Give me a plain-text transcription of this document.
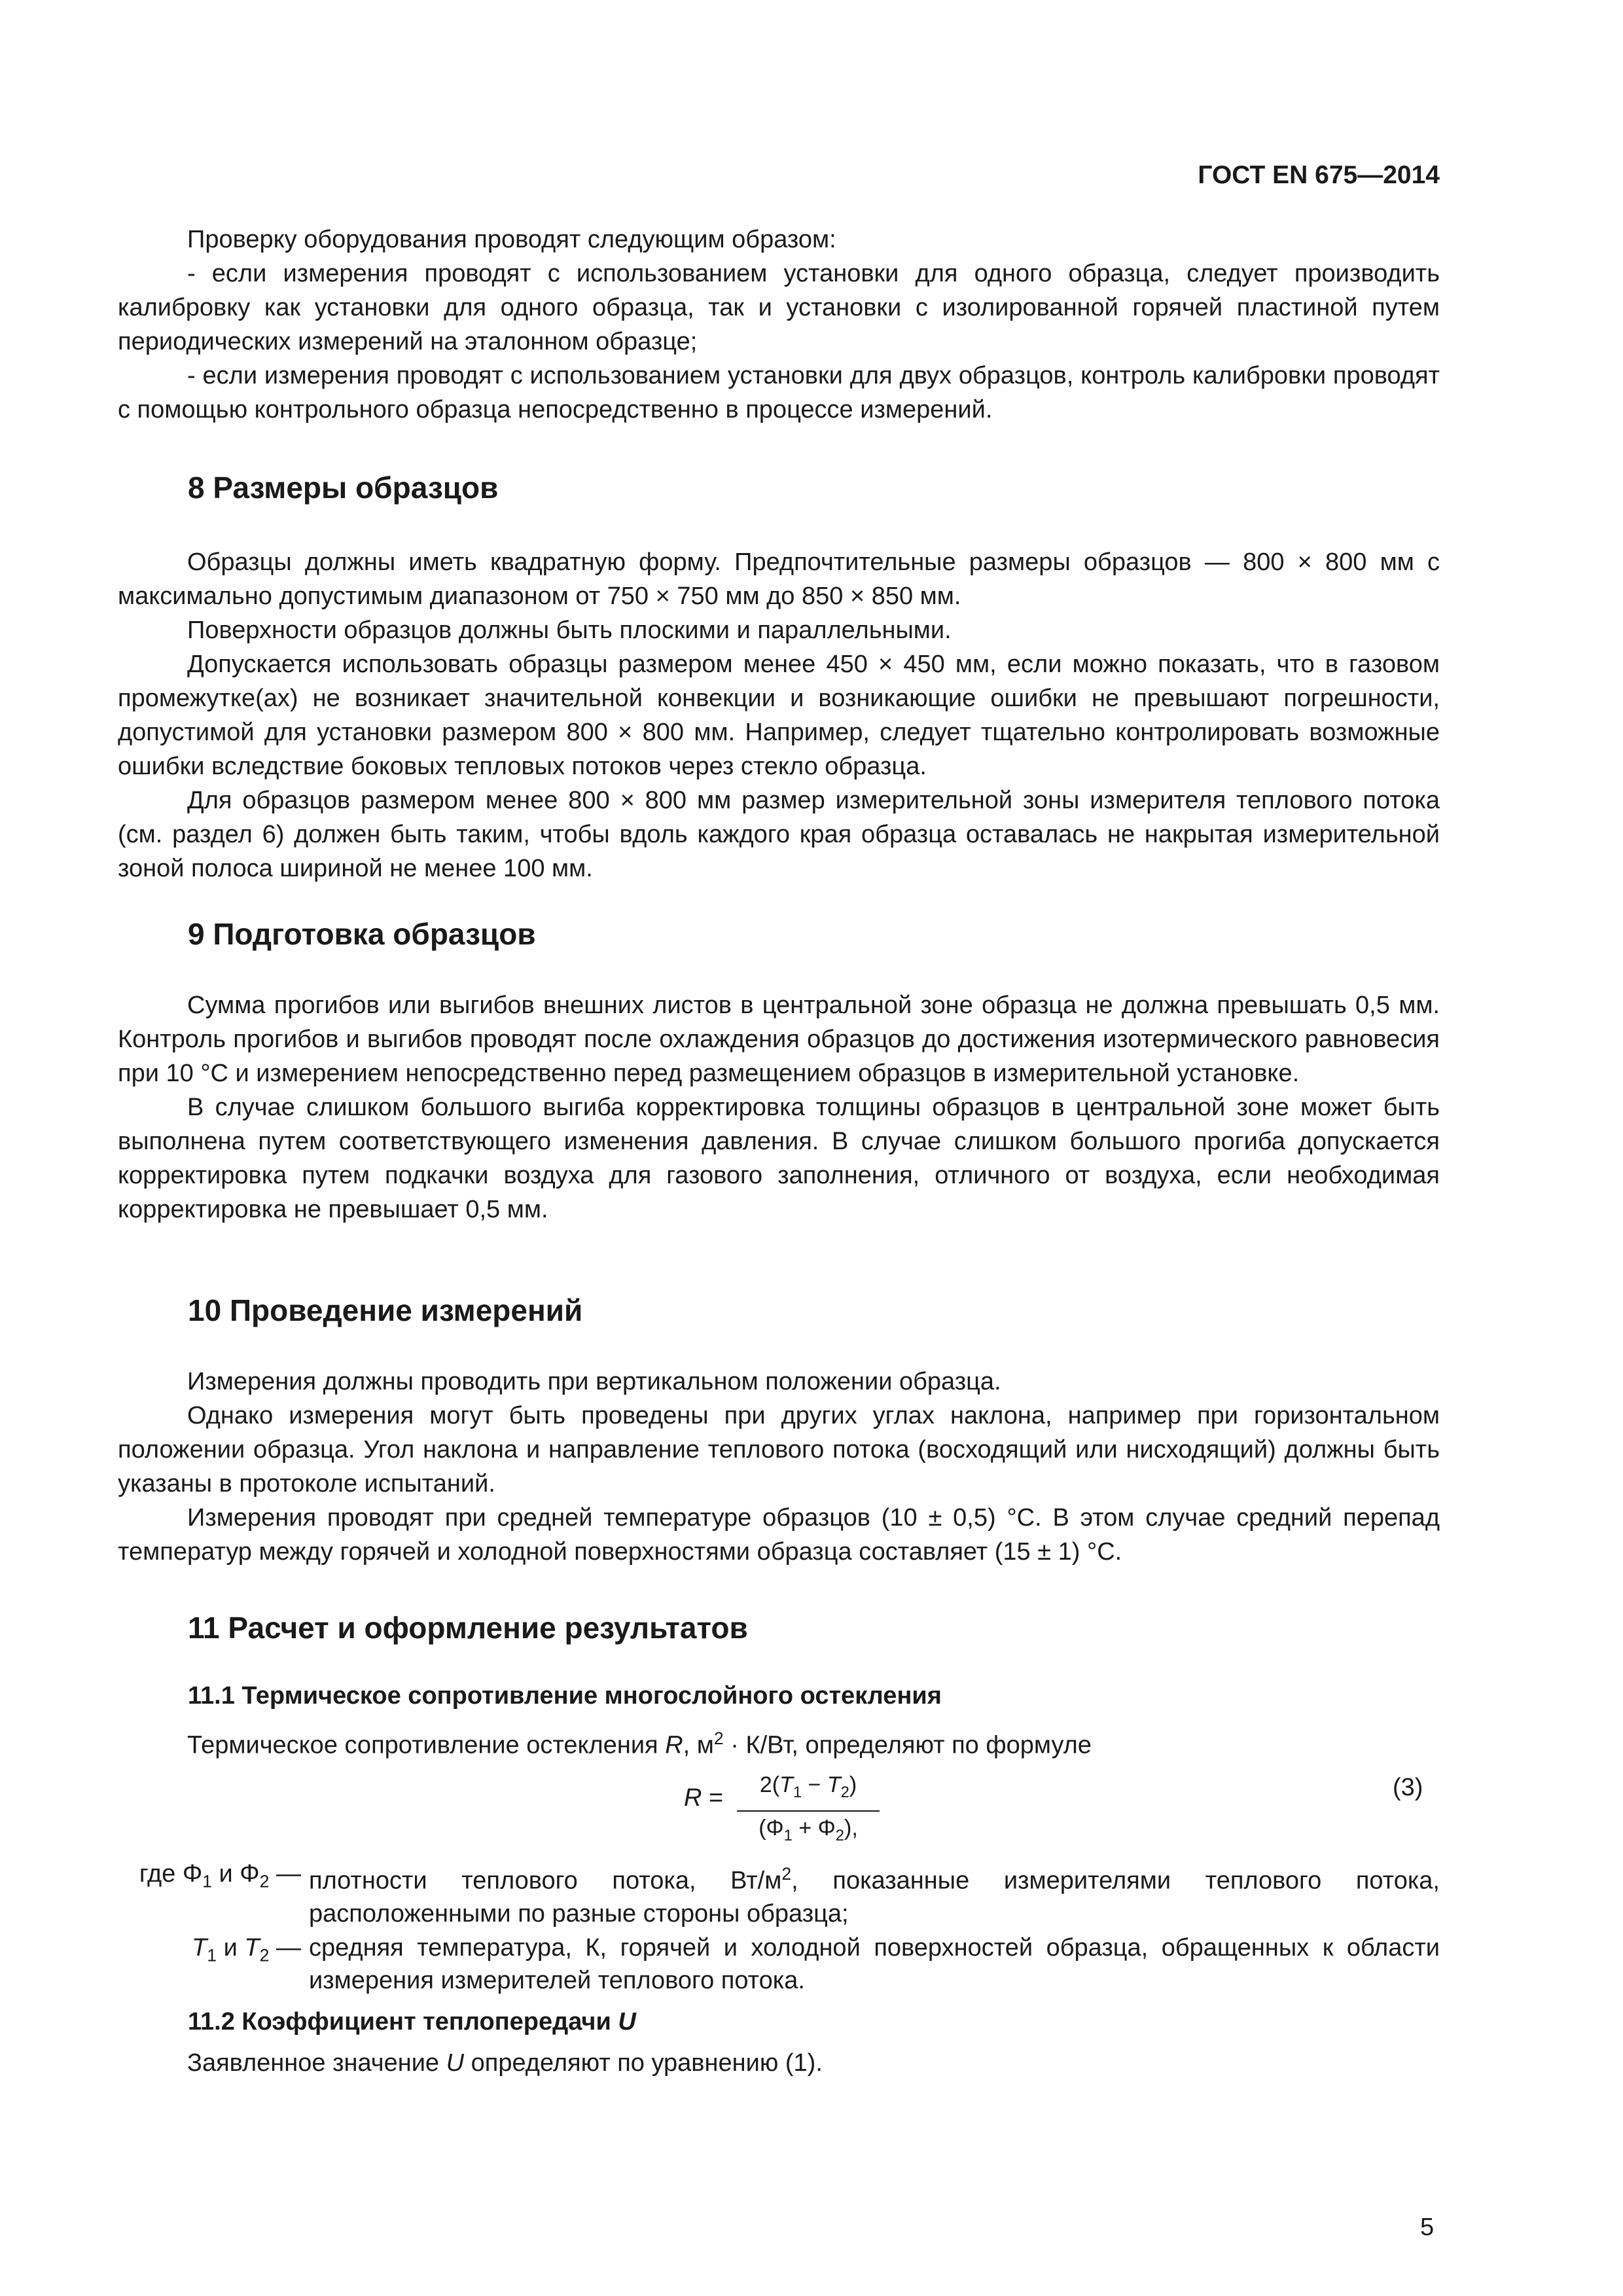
ГОСТ EN 675—2014

Проверку оборудования проводят следующим образом:

- если измерения проводят с использованием установки для одного образца, следует производить калибровку как установки для одного образца, так и установки с изолированной горячей пластиной путем периодических измерений на эталонном образце;

- если измерения проводят с использованием установки для двух образцов, контроль калибровки проводят с помощью контрольного образца непосредственно в процессе измерений.

8 Размеры образцов

Образцы должны иметь квадратную форму. Предпочтительные размеры образцов — 800 × 800 мм с максимально допустимым диапазоном от 750 × 750 мм до 850 × 850 мм.

Поверхности образцов должны быть плоскими и параллельными.

Допускается использовать образцы размером менее 450 × 450 мм, если можно показать, что в газовом промежутке(ах) не возникает значительной конвекции и возникающие ошибки не превышают погрешности, допустимой для установки размером 800 × 800 мм. Например, следует тщательно контролировать возможные ошибки вследствие боковых тепловых потоков через стекло образца.

Для образцов размером менее 800 × 800 мм размер измерительной зоны измерителя теплового потока (см. раздел 6) должен быть таким, чтобы вдоль каждого края образца оставалась не накрытая измерительной зоной полоса шириной не менее 100 мм.

9 Подготовка образцов

Сумма прогибов или выгибов внешних листов в центральной зоне образца не должна превышать 0,5 мм. Контроль прогибов и выгибов проводят после охлаждения образцов до достижения изотермического равновесия при 10 °С и измерением непосредственно перед размещением образцов в измерительной установке.

В случае слишком большого выгиба корректировка толщины образцов в центральной зоне может быть выполнена путем соответствующего изменения давления. В случае слишком большого прогиба допускается корректировка путем подкачки воздуха для газового заполнения, отличного от воздуха, если необходимая корректировка не превышает 0,5 мм.

10 Проведение измерений

Измерения должны проводить при вертикальном положении образца.

Однако измерения могут быть проведены при других углах наклона, например при горизонтальном положении образца. Угол наклона и направление теплового потока (восходящий или нисходящий) должны быть указаны в протоколе испытаний.

Измерения проводят при средней температуре образцов (10 ± 0,5) °С. В этом случае средний перепад температур между горячей и холодной поверхностями образца составляет (15 ± 1) °С.

11 Расчет и оформление результатов
11.1 Термическое сопротивление многослойного остекления

Термическое сопротивление остекления R, $м^2 \cdot К/Вт$, определяют по формуле

R =	$2(T_1 - T_2)$
$(\Phi_1 + \Phi_2)$,
(3)
где $\Phi_1$ и $\Phi_2$ — плотности теплового потока, $Вт/м^2$, показанные измерителями теплового потока, расположенными по разные стороны образца;
$T_1$ и $T_2$ — средняя температура, К, горячей и холодной поверхностей образца, обращенных к области измерения измерителей теплового потока.
11.2 Коэффициент теплопередачи U

Заявленное значение U определяют по уравнению (1).

5
